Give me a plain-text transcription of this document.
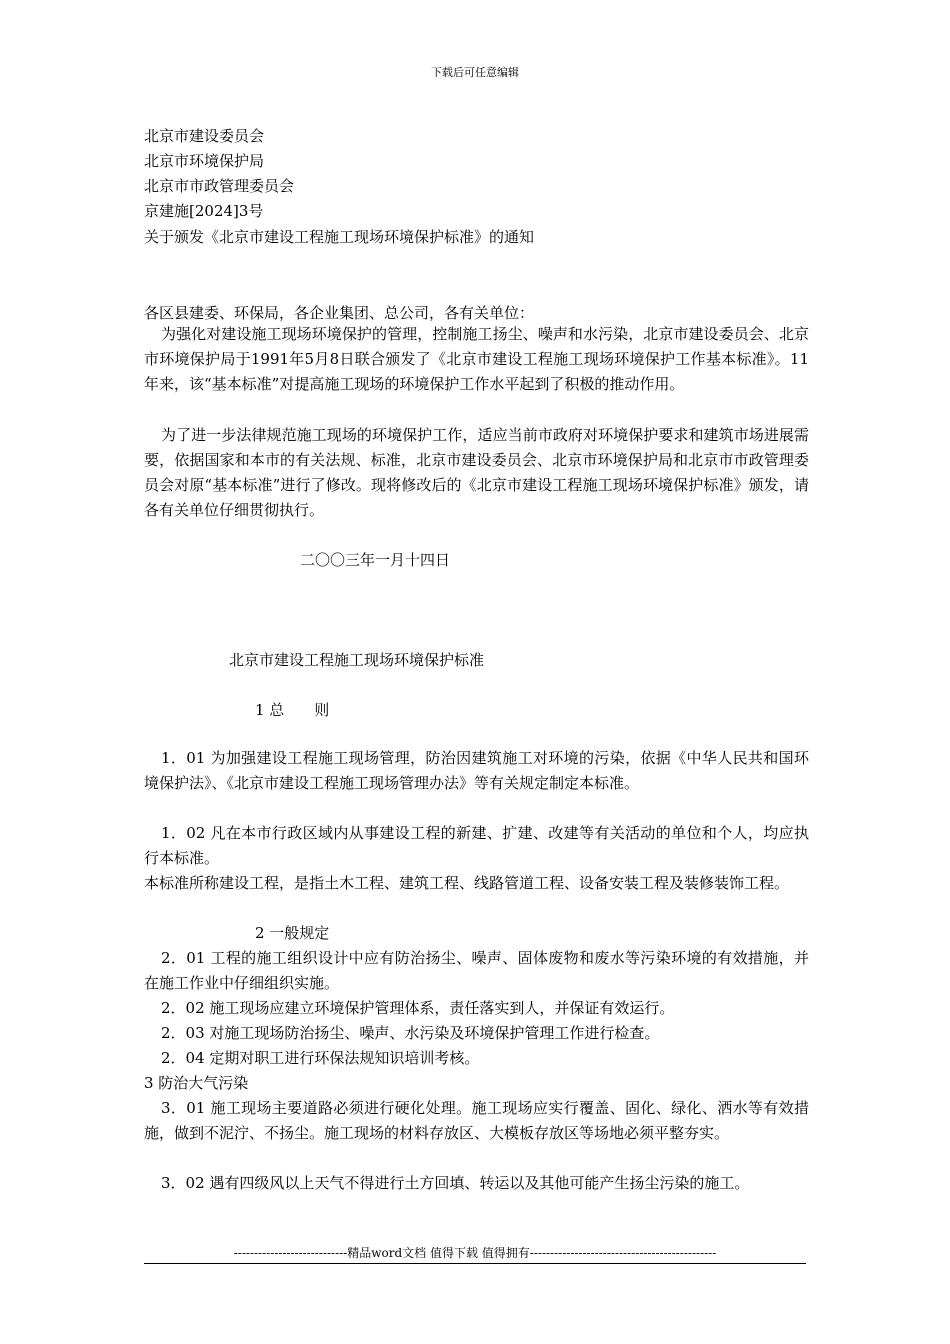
下载后可任意编辑
北京市建设委员会
北京市环境保护局
北京市市政管理委员会
京建施[2024]3号
关于颁发《北京市建设工程施工现场环境保护标准》的通知
各区县建委、环保局，各企业集团、总公司，各有关单位：
为强化对建设施工现场环境保护的管理，控制施工扬尘、噪声和水污染，北京市建设委员会、北京市环境保护局于1991年5月8日联合颁发了《北京市建设工程施工现场环境保护工作基本标准》。11年来，该“基本标准”对提高施工现场的环境保护工作水平起到了积极的推动作用。
为了进一步法律规范施工现场的环境保护工作，适应当前市政府对环境保护要求和建筑市场进展需要，依据国家和本市的有关法规、标准，北京市建设委员会、北京市环境保护局和北京市市政管理委员会对原“基本标准”进行了修改。现将修改后的《北京市建设工程施工现场环境保护标准》颁发，请各有关单位仔细贯彻执行。
二〇〇三年一月十四日
北京市建设工程施工现场环境保护标准
1 总　　则
1．01 为加强建设工程施工现场管理，防治因建筑施工对环境的污染，依据《中华人民共和国环境保护法》、《北京市建设工程施工现场管理办法》等有关规定制定本标准。
1．02 凡在本市行政区域内从事建设工程的新建、扩建、改建等有关活动的单位和个人，均应执行本标准。
本标准所称建设工程，是指土木工程、建筑工程、线路管道工程、设备安装工程及装修装饰工程。
2 一般规定
2．01 工程的施工组织设计中应有防治扬尘、噪声、固体废物和废水等污染环境的有效措施，并在施工作业中仔细组织实施。
2．02 施工现场应建立环境保护管理体系，责任落实到人，并保证有效运行。
2．03 对施工现场防治扬尘、噪声、水污染及环境保护管理工作进行检查。
2．04 定期对职工进行环保法规知识培训考核。
3 防治大气污染
3．01 施工现场主要道路必须进行硬化处理。施工现场应实行覆盖、固化、绿化、洒水等有效措施，做到不泥泞、不扬尘。施工现场的材料存放区、大模板存放区等场地必须平整夯实。
3．02 遇有四级风以上天气不得进行土方回填、转运以及其他可能产生扬尘污染的施工。
----------------------------精品word文档 值得下载 值得拥有----------------------------------------------
